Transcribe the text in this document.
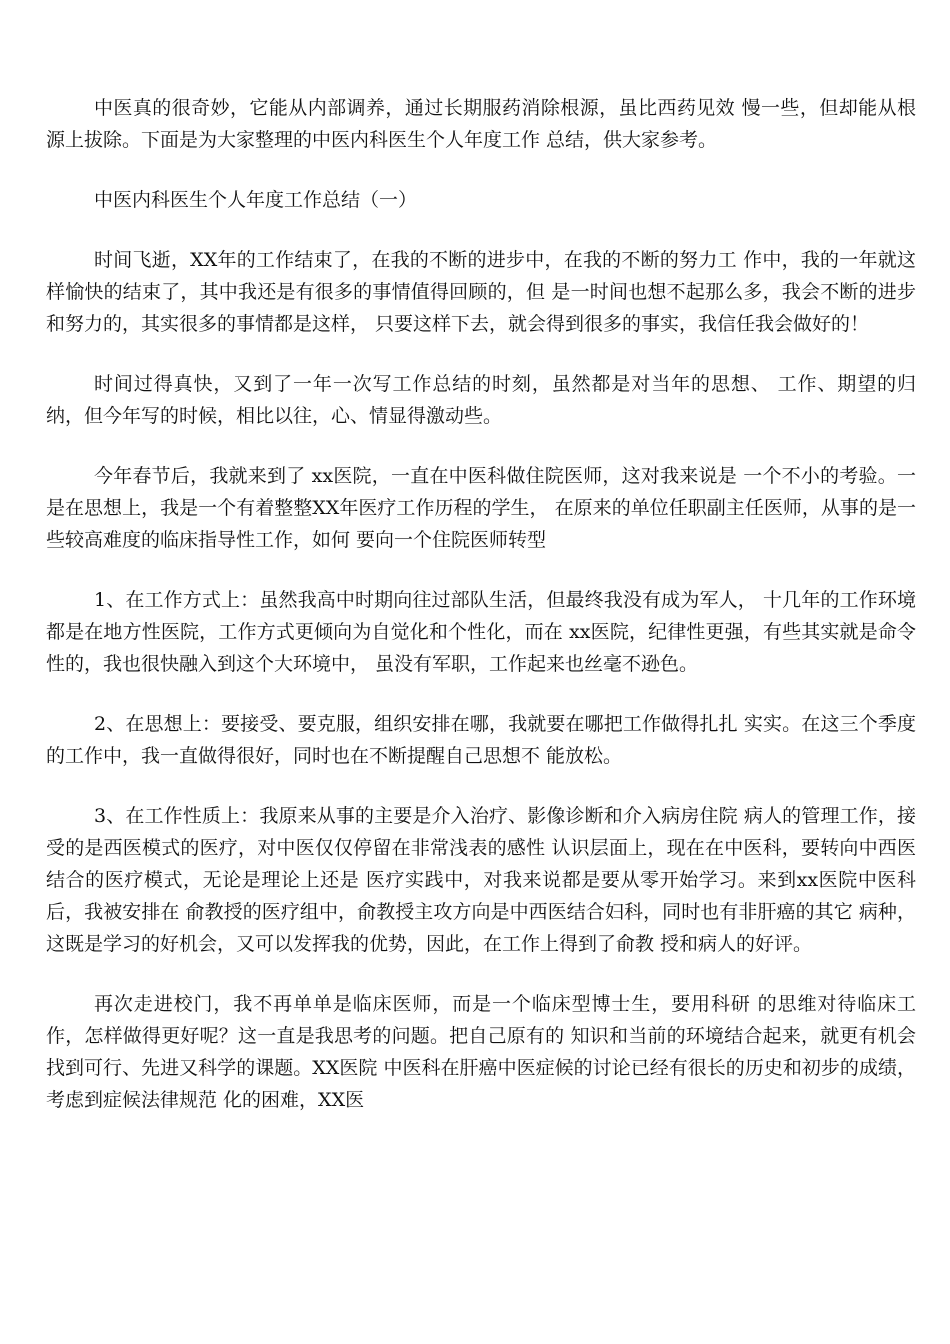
中医真的很奇妙，它能从内部调养，通过长期服药消除根源，虽比西药见效 慢一些，但却能从根源上拔除。下面是为大家整理的中医内科医生个人年度工作 总结，供大家参考。

中医内科医生个人年度工作总结（一）

时间飞逝，XX年的工作结束了，在我的不断的进步中，在我的不断的努力工 作中，我的一年就这样愉快的结束了，其中我还是有很多的事情值得回顾的，但 是一时间也想不起那么多，我会不断的进步和努力的，其实很多的事情都是这样， 只要这样下去，就会得到很多的事实，我信任我会做好的！

时间过得真快，又到了一年一次写工作总结的时刻，虽然都是对当年的思想、 工作、期望的归纳，但今年写的时候，相比以往，心、情显得激动些。

今年春节后，我就来到了 xx医院，一直在中医科做住院医师，这对我来说是 一个不小的考验。一是在思想上，我是一个有着整整XX年医疗工作历程的学生， 在原来的单位任职副主任医师，从事的是一些较高难度的临床指导性工作，如何 要向一个住院医师转型

1、在工作方式上：虽然我高中时期向往过部队生活，但最终我没有成为军人， 十几年的工作环境都是在地方性医院，工作方式更倾向为自觉化和个性化，而在 xx医院，纪律性更强，有些其实就是命令性的，我也很快融入到这个大环境中， 虽没有军职，工作起来也丝毫不逊色。

2、在思想上：要接受、要克服，组织安排在哪，我就要在哪把工作做得扎扎 实实。在这三个季度的工作中，我一直做得很好，同时也在不断提醒自己思想不 能放松。

3、在工作性质上：我原来从事的主要是介入治疗、影像诊断和介入病房住院 病人的管理工作，接受的是西医模式的医疗，对中医仅仅停留在非常浅表的感性 认识层面上，现在在中医科，要转向中西医结合的医疗模式，无论是理论上还是 医疗实践中，对我来说都是要从零开始学习。来到xx医院中医科后，我被安排在 俞教授的医疗组中，俞教授主攻方向是中西医结合妇科，同时也有非肝癌的其它 病种，这既是学习的好机会，又可以发挥我的优势，因此，在工作上得到了俞教 授和病人的好评。

再次走进校门，我不再单单是临床医师，而是一个临床型博士生，要用科研 的思维对待临床工作，怎样做得更好呢？这一直是我思考的问题。把自己原有的 知识和当前的环境结合起来，就更有机会找到可行、先进又科学的课题。XX医院 中医科在肝癌中医症候的讨论已经有很长的历史和初步的成绩，考虑到症候法律规范 化的困难，XX医
